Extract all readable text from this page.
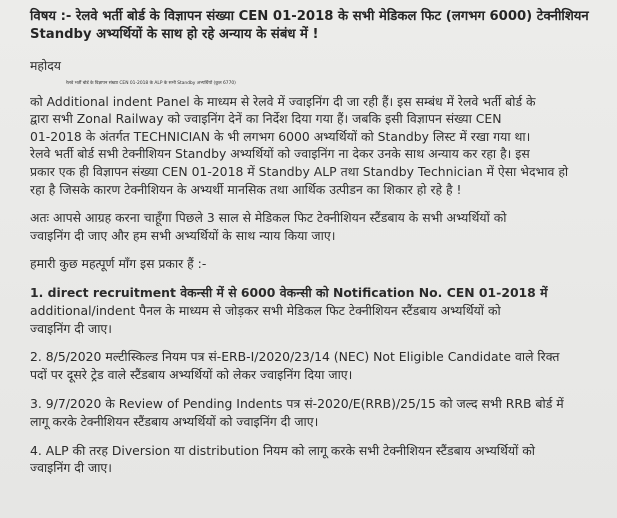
विषय :- रेलवे भर्ती बोर्ड के विज्ञापन संख्या CEN 01-2018 के सभी मेडिकल फिट (लगभग 6000) टेक्नीशियन
Standby अभ्यर्थियों के साथ हो रहे अन्याय के संबंध में !
महोदय
रेलवे भर्ती बोर्ड के विज्ञापन संख्या CEN 01-2018 के ALP के सभी Standby अभ्यर्थियों (कुल 6770)
को Additional indent Panel के माध्यम से रेलवे में ज्वाइनिंग दी जा रही हैं। इस सम्बंध में रेलवे भर्ती बोर्ड के
द्वारा सभी Zonal Railway को ज्वाइनिंग देनें का निर्देश दिया गया हैं। जबकि इसी विज्ञापन संख्या CEN
01-2018 के अंतर्गत TECHNICIAN के भी लगभग 6000 अभ्यर्थियों को Standby लिस्ट में रखा गया था।
रेलवे भर्ती बोर्ड सभी टेक्नीशियन Standby अभ्यर्थियों को ज्वाइनिंग ना देकर उनके साथ अन्याय कर रहा है। इस
प्रकार एक ही विज्ञापन संख्या CEN 01-2018 में Standby ALP तथा Standby Technician में ऐसा भेदभाव हो
रहा है जिसके कारण टेक्नीशियन के अभ्यर्थी मानसिक तथा आर्थिक उत्पीडन का शिकार हो रहे है !
अतः आपसे आग्रह करना चाहूँगा पिछले 3 साल से मेडिकल फिट टेक्नीशियन स्टैंडबाय के सभी अभ्यर्थियों को
ज्वाइनिंग दी जाए और हम सभी अभ्यर्थियों के साथ न्याय किया जाए।
हमारी कुछ महत्पूर्ण माँग इस प्रकार हैं :-
1. direct recruitment वेकन्सी में से 6000 वेकन्सी को Notification No. CEN 01-2018 में
additional/indent पैनल के माध्यम से जोड़कर सभी मेडिकल फिट टेक्नीशियन स्टैंडबाय अभ्यर्थियों को
ज्वाइनिंग दी जाए।
2. 8/5/2020 मल्टीस्किल्ड नियम पत्र सं-ERB-I/2020/23/14 (NEC) Not Eligible Candidate वाले रिक्त
पदों पर दूसरे ट्रेड वाले स्टैंडबाय अभ्यर्थियों को लेकर ज्वाइनिंग दिया जाए।
3. 9/7/2020 के Review of Pending Indents पत्र सं-2020/E(RRB)/25/15 को जल्द सभी RRB बोर्ड में
लागू करके टेक्नीशियन स्टैंडबाय अभ्यर्थियों को ज्वाइनिंग दी जाए।
4. ALP की तरह Diversion या distribution नियम को लागू करके सभी टेक्नीशियन स्टैंडबाय अभ्यर्थियों को
ज्वाइनिंग दी जाए।
